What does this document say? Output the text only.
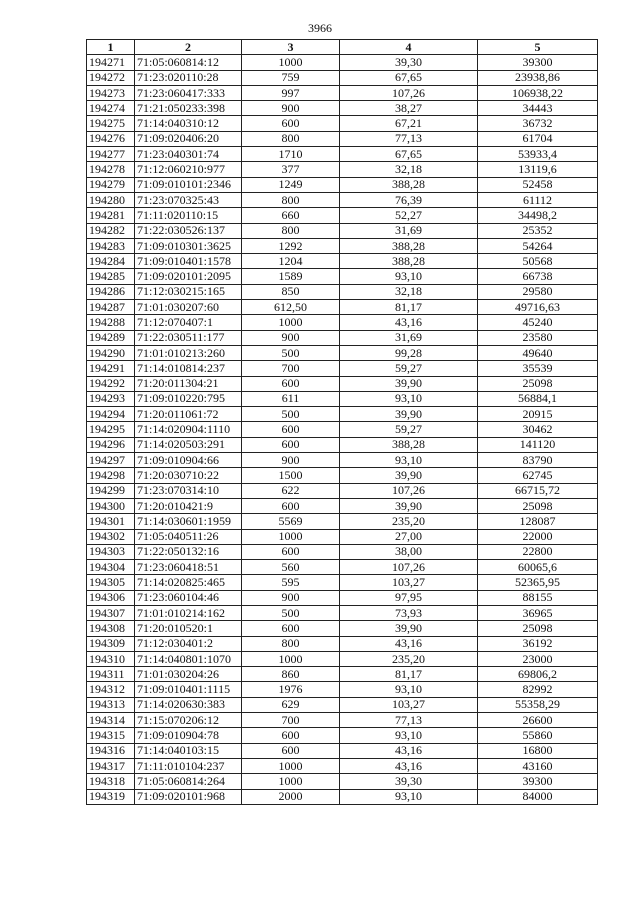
3966
1	2	3	4	5
194271	71:05:060814:12	1000	39,30	39300
194272	71:23:020110:28	759	67,65	23938,86
194273	71:23:060417:333	997	107,26	106938,22
194274	71:21:050233:398	900	38,27	34443
194275	71:14:040310:12	600	67,21	36732
194276	71:09:020406:20	800	77,13	61704
194277	71:23:040301:74	1710	67,65	53933,4
194278	71:12:060210:977	377	32,18	13119,6
194279	71:09:010101:2346	1249	388,28	52458
194280	71:23:070325:43	800	76,39	61112
194281	71:11:020110:15	660	52,27	34498,2
194282	71:22:030526:137	800	31,69	25352
194283	71:09:010301:3625	1292	388,28	54264
194284	71:09:010401:1578	1204	388,28	50568
194285	71:09:020101:2095	1589	93,10	66738
194286	71:12:030215:165	850	32,18	29580
194287	71:01:030207:60	612,50	81,17	49716,63
194288	71:12:070407:1	1000	43,16	45240
194289	71:22:030511:177	900	31,69	23580
194290	71:01:010213:260	500	99,28	49640
194291	71:14:010814:237	700	59,27	35539
194292	71:20:011304:21	600	39,90	25098
194293	71:09:010220:795	611	93,10	56884,1
194294	71:20:011061:72	500	39,90	20915
194295	71:14:020904:1110	600	59,27	30462
194296	71:14:020503:291	600	388,28	141120
194297	71:09:010904:66	900	93,10	83790
194298	71:20:030710:22	1500	39,90	62745
194299	71:23:070314:10	622	107,26	66715,72
194300	71:20:010421:9	600	39,90	25098
194301	71:14:030601:1959	5569	235,20	128087
194302	71:05:040511:26	1000	27,00	22000
194303	71:22:050132:16	600	38,00	22800
194304	71:23:060418:51	560	107,26	60065,6
194305	71:14:020825:465	595	103,27	52365,95
194306	71:23:060104:46	900	97,95	88155
194307	71:01:010214:162	500	73,93	36965
194308	71:20:010520:1	600	39,90	25098
194309	71:12:030401:2	800	43,16	36192
194310	71:14:040801:1070	1000	235,20	23000
194311	71:01:030204:26	860	81,17	69806,2
194312	71:09:010401:1115	1976	93,10	82992
194313	71:14:020630:383	629	103,27	55358,29
194314	71:15:070206:12	700	77,13	26600
194315	71:09:010904:78	600	93,10	55860
194316	71:14:040103:15	600	43,16	16800
194317	71:11:010104:237	1000	43,16	43160
194318	71:05:060814:264	1000	39,30	39300
194319	71:09:020101:968	2000	93,10	84000
